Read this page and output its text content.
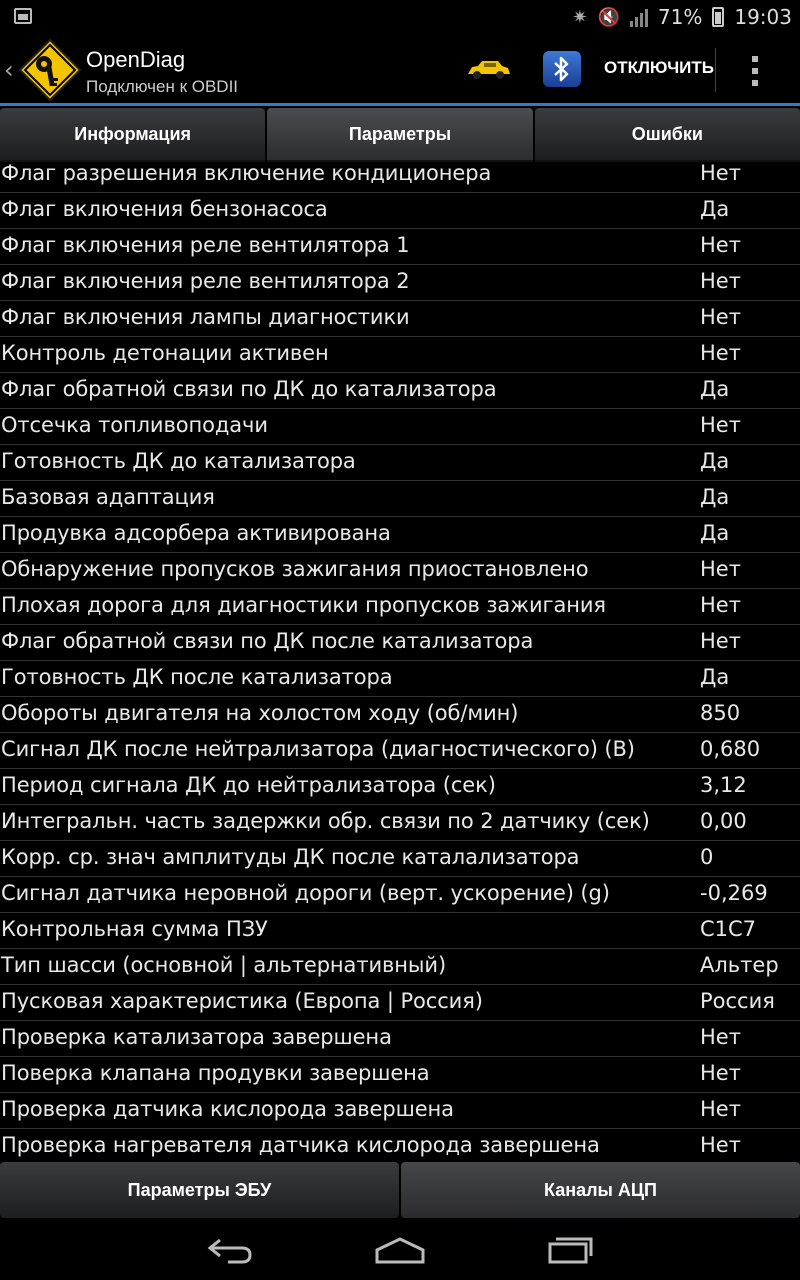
✷ 🔇 71% 19:03
‹	OpenDiag
Подключен к OBDII
ОТКЛЮЧИТЬ
Информация	Параметры	Ошибки
Флаг разрешения включение кондиционера	Нет
Флаг включения бензонасоса	Да
Флаг включения реле вентилятора 1	Нет
Флаг включения реле вентилятора 2	Нет
Флаг включения лампы диагностики	Нет
Контроль детонации активен	Нет
Флаг обратной связи по ДК до катализатора	Да
Отсечка топливоподачи	Нет
Готовность ДК до катализатора	Да
Базовая адаптация	Да
Продувка адсорбера активирована	Да
Обнаружение пропусков зажигания приостановлено	Нет
Плохая дорога для диагностики пропусков зажигания	Нет
Флаг обратной связи по ДК после катализатора	Нет
Готовность ДК после катализатора	Да
Обороты двигателя на холостом ходу (об/мин)	850
Сигнал ДК после нейтрализатора (диагностического) (В)	0,680
Период сигнала ДК до нейтрализатора (сек)	3,12
Интегральн. часть задержки обр. связи по 2 датчику (сек) 0,00
Корр. ср. знач амплитуды ДК после каталализатора	0
Сигнал датчика неровной дороги (верт. ускорение) (g)	-0,269
Контрольная сумма ПЗУ	C1C7
Тип шасси (основной | альтернативный)	Альтер
Пусковая характеристика (Европа | Россия)	Россия
Проверка катализатора завершена	Нет
Поверка клапана продувки завершена	Нет
Проверка датчика кислорода завершена	Нет
Проверка нагревателя датчика кислорода завершена	Нет
Параметры ЭБУ	Каналы АЦП
